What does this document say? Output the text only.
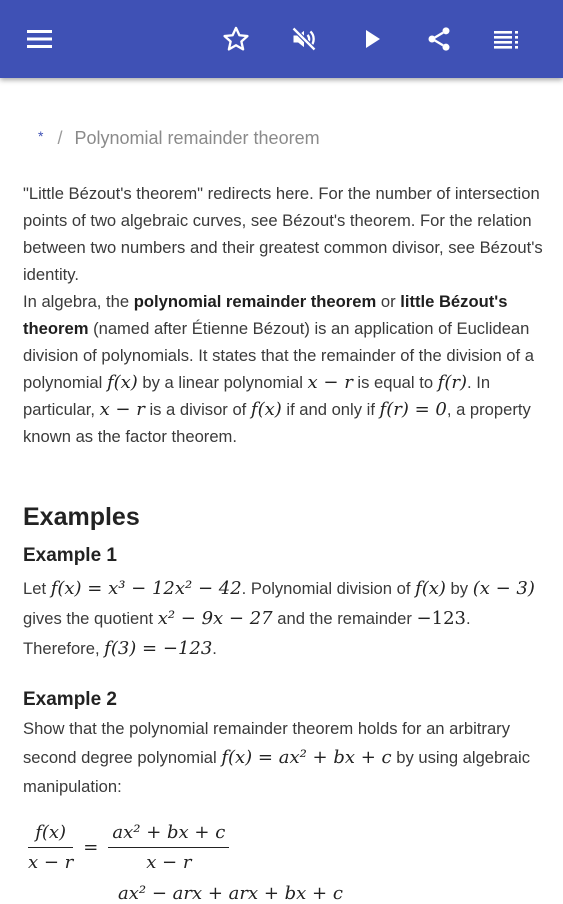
* / Polynomial remainder theorem

"Little Bézout's theorem" redirects here. For the number of intersection points of two algebraic curves, see Bézout's theorem. For the relation between two numbers and their greatest common divisor, see Bézout's identity.

In algebra, the polynomial remainder theorem or little Bézout's theorem (named after Étienne Bézout) is an application of Euclidean division of polynomials. It states that the remainder of the division of a polynomial f(x) by a linear polynomial x − r is equal to f(r). In particular, x − r is a divisor of f(x) if and only if f(r) = 0, a property known as the factor theorem.

Examples
Example 1
Let f(x) = x³ − 12x² − 42. Polynomial division of f(x) by (x − 3) gives the quotient x² − 9x − 27 and the remainder −123. Therefore, f(3) = −123.
Example 2
Show that the polynomial remainder theorem holds for an arbitrary second degree polynomial f(x) = ax² + bx + c by using algebraic manipulation:
$\frac{f(x)}{x - r} = \frac{\text{ax² + bx + c}}{x - r}$
ax² − arx + arx + bx + c
